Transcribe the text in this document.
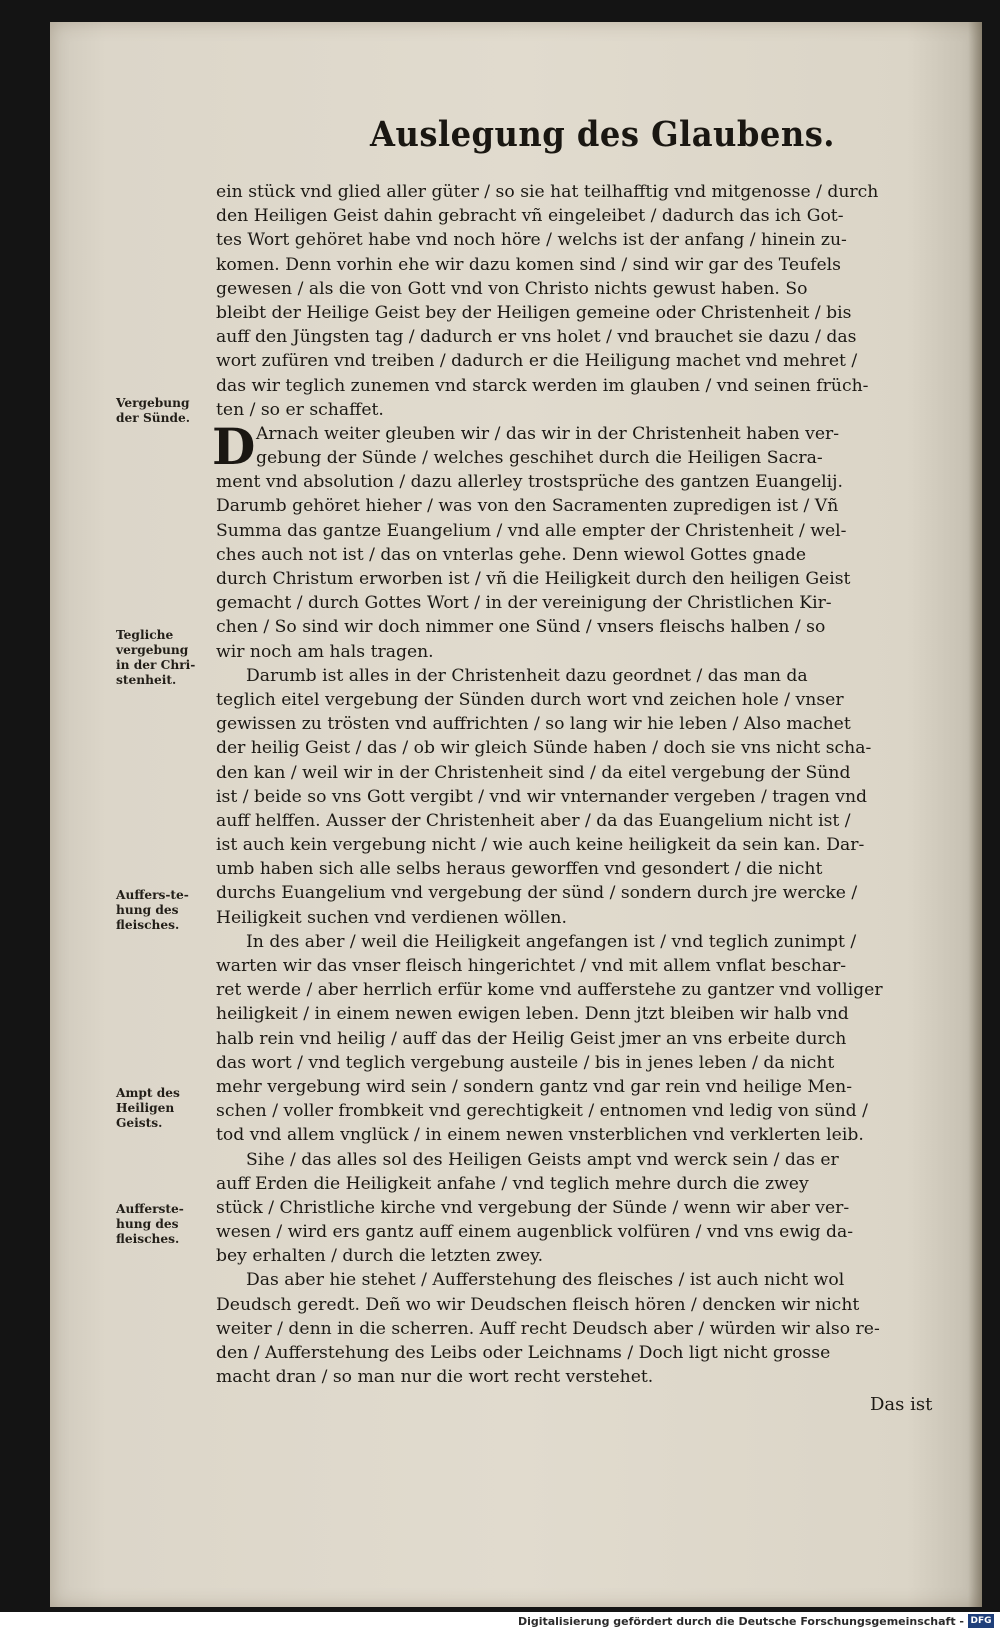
Auslegung des Glaubens.
Vergebung
der Sünde.
Tegliche
vergebung
in der Chri-
stenheit.
Auffers-te-
hung des
fleisches.
Ampt des
Heiligen
Geists.
Aufferste-
hung des
fleisches.
ein stück vnd glied aller güter / so sie hat teilhafftig vnd mitgenosse / durch
den Heiligen Geist dahin gebracht vñ eingeleibet / dadurch das ich Got-
tes Wort gehöret habe vnd noch höre / welchs ist der anfang / hinein zu-
komen. Denn vorhin ehe wir dazu komen sind / sind wir gar des Teufels
gewesen / als die von Gott vnd von Christo nichts gewust haben. So
bleibt der Heilige Geist bey der Heiligen gemeine oder Christenheit / bis
auff den Jüngsten tag / dadurch er vns holet / vnd brauchet sie dazu / das
wort zufüren vnd treiben / dadurch er die Heiligung machet vnd mehret /
das wir teglich zunemen vnd starck werden im glauben / vnd seinen früch-
ten / so er schaffet.
D Arnach weiter gleuben wir / das wir in der Christenheit haben ver-
gebung der Sünde / welches geschihet durch die Heiligen Sacra-
ment vnd absolution / dazu allerley trostsprüche des gantzen Euangelij.
Darumb gehöret hieher / was von den Sacramenten zupredigen ist / Vñ
Summa das gantze Euangelium / vnd alle empter der Christenheit / wel-
ches auch not ist / das on vnterlas gehe. Denn wiewol Gottes gnade
durch Christum erworben ist / vñ die Heiligkeit durch den heiligen Geist
gemacht / durch Gottes Wort / in der vereinigung der Christlichen Kir-
chen / So sind wir doch nimmer one Sünd / vnsers fleischs halben / so
wir noch am hals tragen.
Darumb ist alles in der Christenheit dazu geordnet / das man da
teglich eitel vergebung der Sünden durch wort vnd zeichen hole / vnser
gewissen zu trösten vnd auffrichten / so lang wir hie leben / Also machet
der heilig Geist / das / ob wir gleich Sünde haben / doch sie vns nicht scha-
den kan / weil wir in der Christenheit sind / da eitel vergebung der Sünd
ist / beide so vns Gott vergibt / vnd wir vnternander vergeben / tragen vnd
auff helffen. Ausser der Christenheit aber / da das Euangelium nicht ist /
ist auch kein vergebung nicht / wie auch keine heiligkeit da sein kan. Dar-
umb haben sich alle selbs heraus geworffen vnd gesondert / die nicht
durchs Euangelium vnd vergebung der sünd / sondern durch jre wercke /
Heiligkeit suchen vnd verdienen wöllen.
In des aber / weil die Heiligkeit angefangen ist / vnd teglich zunimpt /
warten wir das vnser fleisch hingerichtet / vnd mit allem vnflat beschar-
ret werde / aber herrlich erfür kome vnd aufferstehe zu gantzer vnd volliger
heiligkeit / in einem newen ewigen leben. Denn jtzt bleiben wir halb vnd
halb rein vnd heilig / auff das der Heilig Geist jmer an vns erbeite durch
das wort / vnd teglich vergebung austeile / bis in jenes leben / da nicht
mehr vergebung wird sein / sondern gantz vnd gar rein vnd heilige Men-
schen / voller frombkeit vnd gerechtigkeit / entnomen vnd ledig von sünd /
tod vnd allem vnglück / in einem newen vnsterblichen vnd verklerten leib.
Sihe / das alles sol des Heiligen Geists ampt vnd werck sein / das er
auff Erden die Heiligkeit anfahe / vnd teglich mehre durch die zwey
stück / Christliche kirche vnd vergebung der Sünde / wenn wir aber ver-
wesen / wird ers gantz auff einem augenblick volfüren / vnd vns ewig da-
bey erhalten / durch die letzten zwey.
Das aber hie stehet / Aufferstehung des fleisches / ist auch nicht wol
Deudsch geredt. Deñ wo wir Deudschen fleisch hören / dencken wir nicht
weiter / denn in die scherren. Auff recht Deudsch aber / würden wir also re-
den / Aufferstehung des Leibs oder Leichnams / Doch ligt nicht grosse
macht dran / so man nur die wort recht verstehet.
Das ist
Digitalisierung gefördert durch die Deutsche Forschungsgemeinschaft - DFG
